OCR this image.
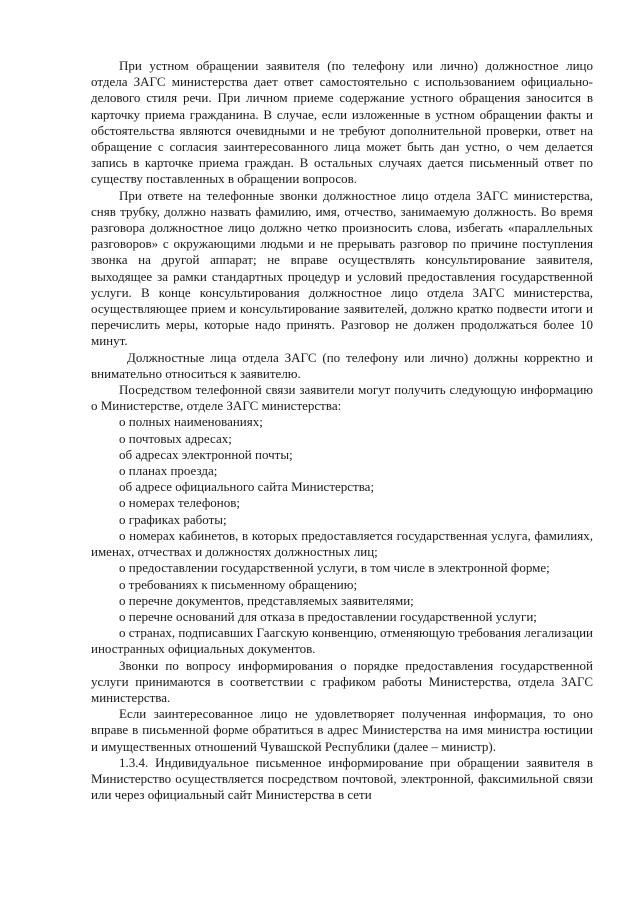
При устном обращении заявителя (по телефону или лично) должностное лицо отдела ЗАГС министерства дает ответ самостоятельно с использованием официально-делового стиля речи. При личном приеме содержание устного обращения заносится в карточку приема гражданина. В случае, если изложенные в устном обращении факты и обстоятельства являются очевидными и не требуют дополнительной проверки, ответ на обращение с согласия заинтересованного лица может быть дан устно, о чем делается запись в карточке приема граждан. В остальных случаях дается письменный ответ по существу поставленных в обращении вопросов.

При ответе на телефонные звонки должностное лицо отдела ЗАГС министерства, сняв трубку, должно назвать фамилию, имя, отчество, занимаемую должность. Во время разговора должностное лицо должно четко произносить слова, избегать «параллельных разговоров» с окружающими людьми и не прерывать разговор по причине поступления звонка на другой аппарат; не вправе осуществлять консультирование заявителя, выходящее за рамки стандартных процедур и условий предоставления государственной услуги. В конце консультирования должностное лицо отдела ЗАГС министерства, осуществляющее прием и консультирование заявителей, должно кратко подвести итоги и перечислить меры, которые надо принять. Разговор не должен продолжаться более 10 минут.

Должностные лица отдела ЗАГС (по телефону или лично) должны корректно и внимательно относиться к заявителю.

Посредством телефонной связи заявители могут получить следующую информацию о Министерстве, отделе ЗАГС министерства:

о полных наименованиях;

о почтовых адресах;

об адресах электронной почты;

о планах проезда;

об адресе официального сайта Министерства;

о номерах телефонов;

о графиках работы;

о номерах кабинетов, в которых предоставляется государственная услуга, фамилиях, именах, отчествах и должностях должностных лиц;

о предоставлении государственной услуги, в том числе в электронной форме;

о требованиях к письменному обращению;

о перечне документов, представляемых заявителями;

о перечне оснований для отказа в предоставлении государственной услуги;

о странах, подписавших Гаагскую конвенцию, отменяющую требования легализации иностранных официальных документов.

Звонки по вопросу информирования о порядке предоставления государственной услуги принимаются в соответствии с графиком работы Министерства, отдела ЗАГС министерства.

Если заинтересованное лицо не удовлетворяет полученная информация, то оно вправе в письменной форме обратиться в адрес Министерства на имя министра юстиции и имущественных отношений Чувашской Республики (далее – министр).

1.3.4. Индивидуальное письменное информирование при обращении заявителя в Министерство осуществляется посредством почтовой, электронной, факсимильной связи или через официальный сайт Министерства в сети
